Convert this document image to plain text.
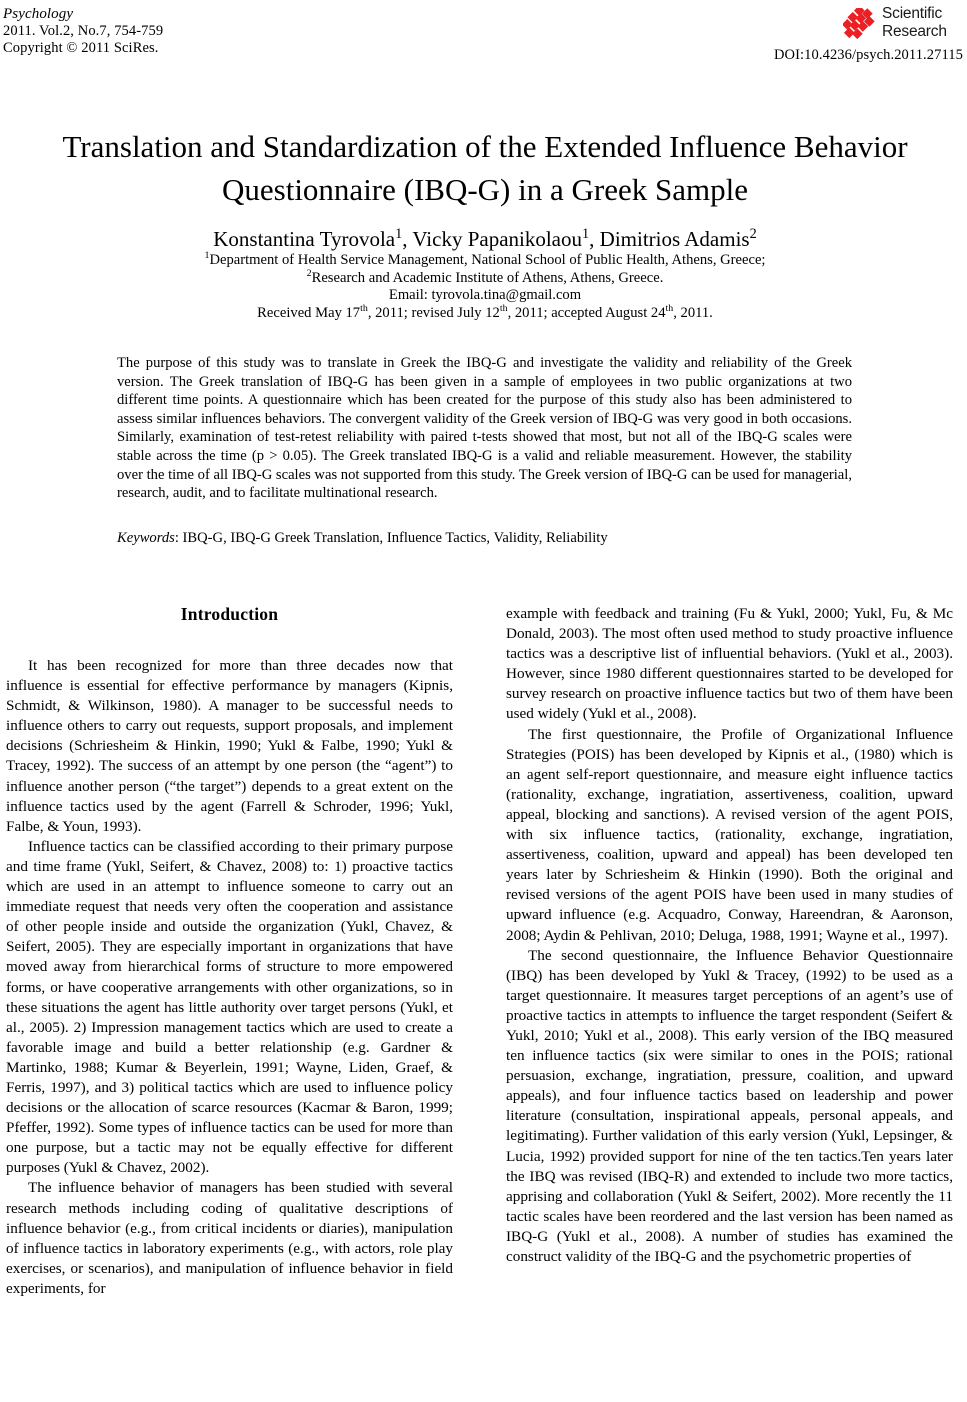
Psychology
2011. Vol.2, No.7, 754-759
Copyright © 2011 SciRes.
Scientific
Research
DOI:10.4236/psych.2011.27115
Translation and Standardization of the Extended Influence Behavior Questionnaire (IBQ-G) in a Greek Sample
Konstantina Tyrovola$^1$, Vicky Papanikolaou$^1$, Dimitrios Adamis$^2$
$^1$Department of Health Service Management, National School of Public Health, Athens, Greece;
$^2$Research and Academic Institute of Athens, Athens, Greece.
Email: tyrovola.tina@gmail.com
Received May 17th, 2011; revised July 12th, 2011; accepted August 24th, 2011.
The purpose of this study was to translate in Greek the IBQ-G and investigate the validity and reliability of the Greek version. The Greek translation of IBQ-G has been given in a sample of employees in two public organizations at two different time points. A questionnaire which has been created for the purpose of this study also has been administered to assess similar influences behaviors. The convergent validity of the Greek version of IBQ-G was very good in both occasions. Similarly, examination of test-retest reliability with paired t-tests showed that most, but not all of the IBQ-G scales were stable across the time (p > 0.05). The Greek translated IBQ-G is a valid and reliable measurement. However, the stability over the time of all IBQ-G scales was not supported from this study. The Greek version of IBQ-G can be used for managerial, research, audit, and to facilitate multinational research.
Keywords: IBQ-G, IBQ-G Greek Translation, Influence Tactics, Validity, Reliability
Introduction

It has been recognized for more than three decades now that influence is essential for effective performance by managers (Kipnis, Schmidt, & Wilkinson, 1980). A manager to be successful needs to influence others to carry out requests, support proposals, and implement decisions (Schriesheim & Hinkin, 1990; Yukl & Falbe, 1990; Yukl & Tracey, 1992). The success of an attempt by one person (the “agent”) to influence another person (“the target”) depends to a great extent on the influence tactics used by the agent (Farrell & Schroder, 1996; Yukl, Falbe, & Youn, 1993).

Influence tactics can be classified according to their primary purpose and time frame (Yukl, Seifert, & Chavez, 2008) to: 1) proactive tactics which are used in an attempt to influence someone to carry out an immediate request that needs very often the cooperation and assistance of other people inside and outside the organization (Yukl, Chavez, & Seifert, 2005). They are especially important in organizations that have moved away from hierarchical forms of structure to more empowered forms, or have cooperative arrangements with other organizations, so in these situations the agent has little authority over target persons (Yukl, et al., 2005). 2) Impression management tactics which are used to create a favorable image and build a better relationship (e.g. Gardner & Martinko, 1988; Kumar & Beyerlein, 1991; Wayne, Liden, Graef, & Ferris, 1997), and 3) political tactics which are used to influence policy decisions or the allocation of scarce resources (Kacmar & Baron, 1999; Pfeffer, 1992). Some types of influence tactics can be used for more than one purpose, but a tactic may not be equally effective for different purposes (Yukl & Chavez, 2002).

The influence behavior of managers has been studied with several research methods including coding of qualitative descriptions of influence behavior (e.g., from critical incidents or diaries), manipulation of influence tactics in laboratory experiments (e.g., with actors, role play exercises, or scenarios), and manipulation of influence behavior in field experiments, for

example with feedback and training (Fu & Yukl, 2000; Yukl, Fu, & Mc Donald, 2003). The most often used method to study proactive influence tactics was a descriptive list of influential behaviors. (Yukl et al., 2003). However, since 1980 different questionnaires started to be developed for survey research on proactive influence tactics but two of them have been used widely (Yukl et al., 2008).

The first questionnaire, the Profile of Organizational Influence Strategies (POIS) has been developed by Kipnis et al., (1980) which is an agent self-report questionnaire, and measure eight influence tactics (rationality, exchange, ingratiation, assertiveness, coalition, upward appeal, blocking and sanctions). A revised version of the agent POIS, with six influence tactics, (rationality, exchange, ingratiation, assertiveness, coalition, upward and appeal) has been developed ten years later by Schriesheim & Hinkin (1990). Both the original and revised versions of the agent POIS have been used in many studies of upward influence (e.g. Acquadro, Conway, Hareendran, & Aaronson, 2008; Aydin & Pehlivan, 2010; Deluga, 1988, 1991; Wayne et al., 1997).

The second questionnaire, the Influence Behavior Questionnaire (IBQ) has been developed by Yukl & Tracey, (1992) to be used as a target questionnaire. It measures target perceptions of an agent’s use of proactive tactics in attempts to influence the target respondent (Seifert & Yukl, 2010; Yukl et al., 2008). This early version of the IBQ measured ten influence tactics (six were similar to ones in the POIS; rational persuasion, exchange, ingratiation, pressure, coalition, and upward appeals), and four influence tactics based on leadership and power literature (consultation, inspirational appeals, personal appeals, and legitimating). Further validation of this early version (Yukl, Lepsinger, & Lucia, 1992) provided support for nine of the ten tactics.Ten years later the IBQ was revised (IBQ-R) and extended to include two more tactics, apprising and collaboration (Yukl & Seifert, 2002). More recently the 11 tactic scales have been reordered and the last version has been named as IBQ-G (Yukl et al., 2008). A number of studies has examined the construct validity of the IBQ-G and the psychometric properties of
